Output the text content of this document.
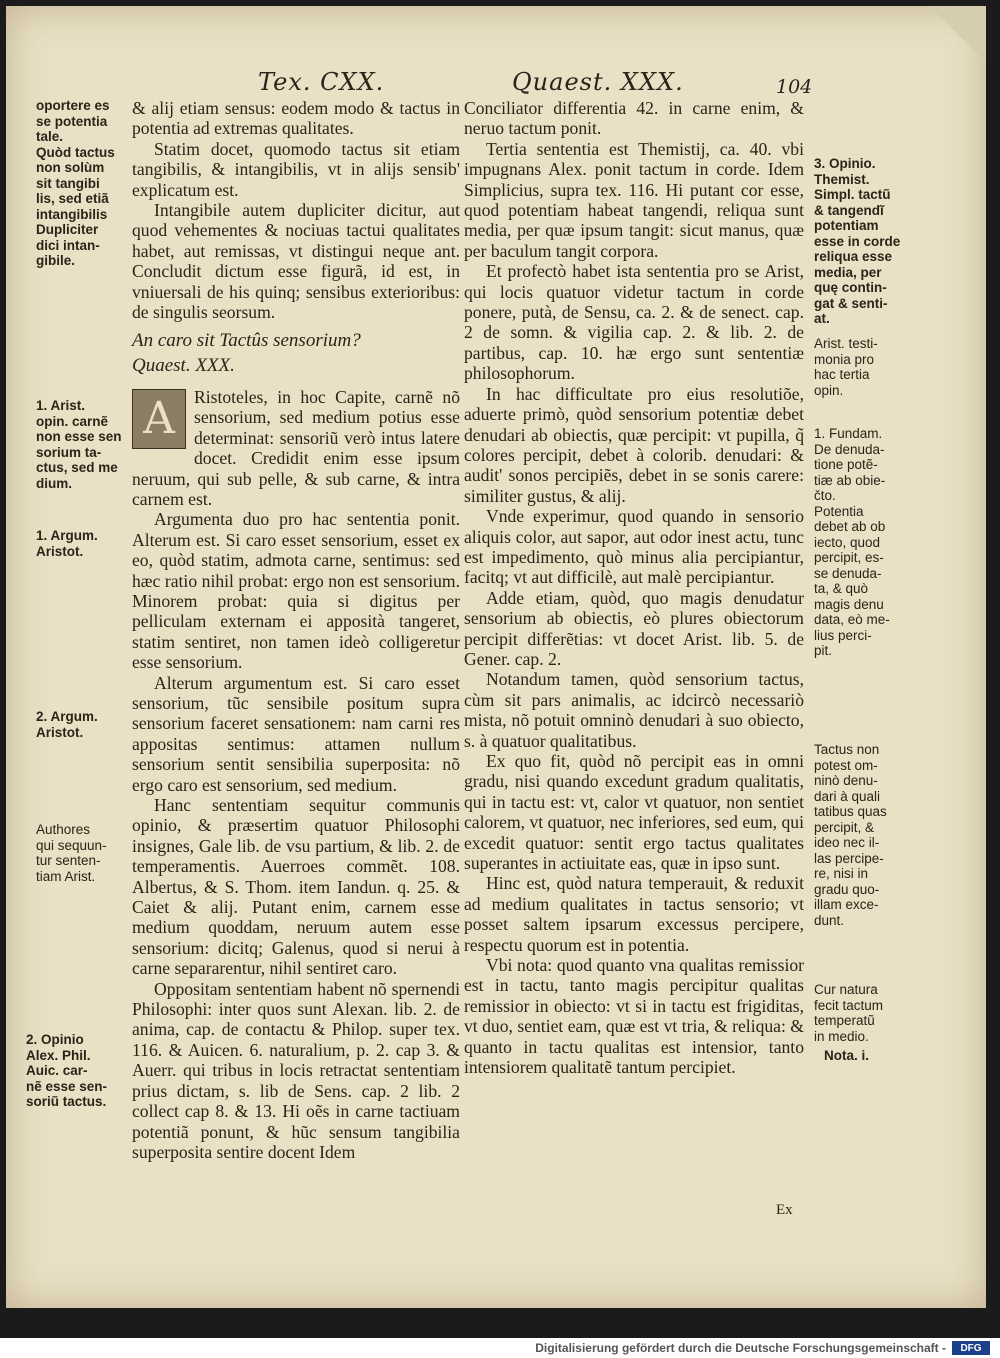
Tex. CXX.	Quaest. XXX.	104
oportere es
se potentia
tale.
Quòd tactus
non solùm
sit tangibi
lis, sed etiã
intangibilis
Dupliciter
dici intan-
gibile.
1. Arist.
opin. carnẽ
non esse sen
sorium ta-
ctus, sed me
dium.
1. Argum.
Aristot.
2. Argum.
Aristot.
Authores
qui sequun-
tur senten-
tiam Arist.
2. Opinio
Alex. Phil.
Auic. car-
nẽ esse sen-
soriũ tactus.

& alij etiam sensus: eodem modo & tactus in potentia ad extremas qualitates.

Statim docet, quomodo tactus sit etiam tangibilis, & intangibilis, vt in alijs sensib' explicatum est.

Intangibile autem dupliciter dicitur, aut quod vehementes & nociuas tactui qualitates habet, aut remissas, vt distingui neque ant. Concludit dictum esse figurã, id est, in vniuersali de his quinq; sensibus exterioribus: de singulis seorsum.

An caro sit Tactûs sensorium?

Quaest. XXX.

A	Ristoteles, in hoc Capite, carnẽ nõ sensorium, sed medium potius esse determinat: sensoriũ verò intus latere docet. Credidit enim esse ipsum neruum, qui sub pelle, & sub carne, & intra carnem est.

Argumenta duo pro hac sententia ponit. Alterum est. Si caro esset sensorium, esset ex eo, quòd statim, admota carne, sentimus: sed hæc ratio nihil probat: ergo non est sensorium. Minorem probat: quia si digitus per pelliculam externam ei apposità tangeret, statim sentiret, non tamen ideò colligeretur esse sensorium.

Alterum argumentum est. Si caro esset sensorium, tũc sensibile positum supra sensorium faceret sensationem: nam carni res appositas sentimus: attamen nullum sensorium sentit sensibilia superposita: nõ ergo caro est sensorium, sed medium.

Hanc sententiam sequitur communis opinio, & præsertim quatuor Philosophi insignes, Gale lib. de vsu partium, & lib. 2. de temperamentis. Auerroes commẽt. 108. Albertus, & S. Thom. item Iandun. q. 25. & Caiet & alij. Putant enim, carnem esse medium quoddam, neruum autem esse sensorium: dicitq; Galenus, quod si nerui à carne separarentur, nihil sentiret caro.

Oppositam sententiam habent nõ spernendi Philosophi: inter quos sunt Alexan. lib. 2. de anima, cap. de contactu & Philop. super tex. 116. & Auicen. 6. naturalium, p. 2. cap 3. & Auerr. qui tribus in locis retractat sententiam prius dictam, s. lib de Sens. cap. 2 lib. 2 collect cap 8. & 13. Hi oẽs in carne tactiuam potentiã ponunt, & hũc sensum tangibilia superposita sentire docent Idem

Conciliator differentia 42. in carne enim, & neruo tactum ponit.

Tertia sententia est Themistij, ca. 40. vbi impugnans Alex. ponit tactum in corde. Idem Simplicius, supra tex. 116. Hi putant cor esse, quod potentiam habeat tangendi, reliqua sunt media, per quæ ipsum tangit: sicut manus, quæ per baculum tangit corpora.

Et profectò habet ista sententia pro se Arist, qui locis quatuor videtur tactum in corde ponere, putà, de Sensu, ca. 2. & de senect. cap. 2 de somn. & vigilia cap. 2. & lib. 2. de partibus, cap. 10. hæ ergo sunt sententiæ philosophorum.

In hac difficultate pro eius resolutiõe, aduerte primò, quòd sensorium potentiæ debet denudari ab obiectis, quæ percipit: vt pupilla, q̃ colores percipit, debet à colorib. denudari: & audit' sonos percipiẽs, debet in se sonis carere: similiter gustus, & alij.

Vnde experimur, quod quando in sensorio aliquis color, aut sapor, aut odor inest actu, tunc est impedimento, quò minus alia percipiantur, facitq; vt aut difficilè, aut malè percipiantur.

Adde etiam, quòd, quo magis denudatur sensorium ab obiectis, eò plures obiectorum percipit differẽtias: vt docet Arist. lib. 5. de Gener. cap. 2.

Notandum tamen, quòd sensorium tactus, cùm sit pars animalis, ac idcircò necessariò mista, nõ potuit omninò denudari à suo obiecto, s. à quatuor qualitatibus.

Ex quo fit, quòd nõ percipit eas in omni gradu, nisi quando excedunt gradum qualitatis, qui in tactu est: vt, calor vt quatuor, non sentiet calorem, vt quatuor, nec inferiores, sed eum, qui excedit quatuor: sentit ergo tactus qualitates superantes in actiuitate eas, quæ in ipso sunt.

Hinc est, quòd natura temperauit, & reduxit ad medium qualitates in tactus sensorio; vt posset saltem ipsarum excessus percipere, respectu quorum est in potentia.

Vbi nota: quod quanto vna qualitas remissior est in tactu, tanto magis percipitur qualitas remissior in obiecto: vt si in tactu est frigiditas, vt duo, sentiet eam, quæ est vt tria, & reliqua: & quanto in tactu qualitas est intensior, tanto intensiorem qualitatẽ tantum percipiet.

3. Opinio.
Themist.
Simpl. tactũ
& tangendĩ
potentiam
esse in corde
reliqua esse
media, per
quę contin-
gat & senti-
at.
Arist. testi-
monia pro
hac tertia
opin.
1. Fundam.
De denuda-
tione potẽ-
tiæ ab obie-
čto.
Potentia
debet ab ob
iecto, quod
percipit, es-
se denuda-
ta, & quò
magis denu
data, eò me-
lius perci-
pit.
Tactus non
potest om-
ninò denu-
dari à quali
tatibus quas
percipit, &
ideo nec il-
las percipe-
re, nisi in
gradu quo-
illam exce-
dunt.
Cur natura
fecit tactum
temperatũ
in medio.
Nota. i.
Ex
Digitalisierung gefördert durch die Deutsche Forschungsgemeinschaft -	DFG
